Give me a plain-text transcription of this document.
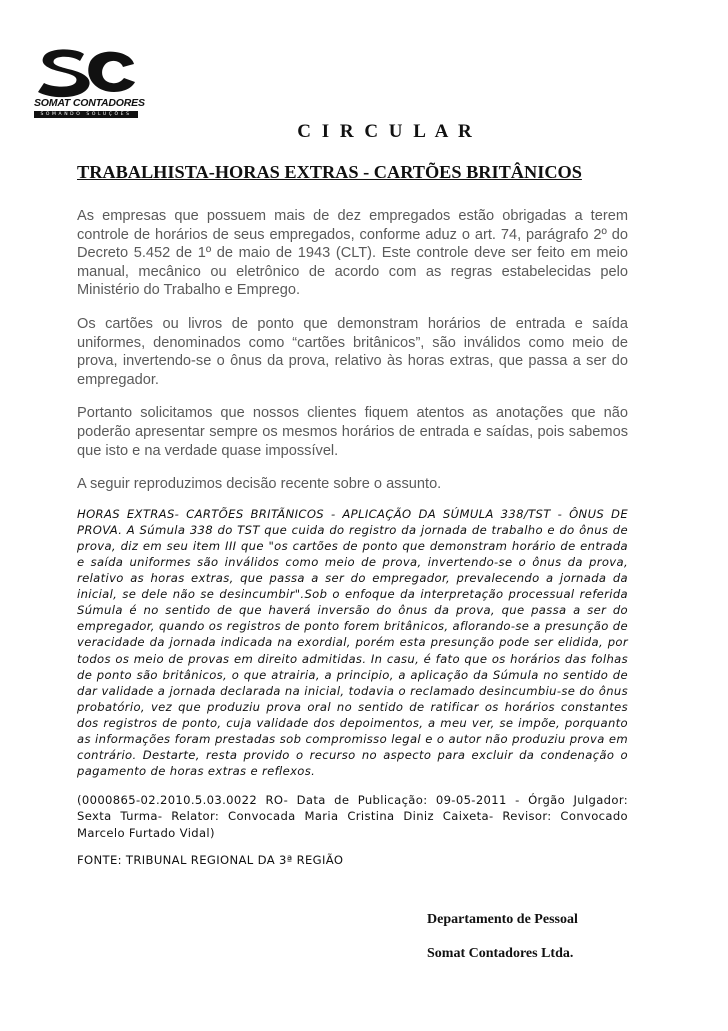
SOMAT CONTADORES
SOMANDO SOLUÇÕES
C I R C U L A R
TRABALHISTA-HORAS EXTRAS - CARTÕES BRITÂNICOS

As empresas que possuem mais de dez empregados estão obrigadas a terem controle de horários de seus empregados, conforme aduz o art. 74, parágrafo 2º do Decreto 5.452 de 1º de maio de 1943 (CLT). Este controle deve ser feito em meio manual, mecânico ou eletrônico de acordo com as regras estabelecidas pelo Ministério do Trabalho e Emprego.

Os cartões ou livros de ponto que demonstram horários de entrada e saída uniformes, denominados como “cartões britânicos”, são inválidos como meio de prova, invertendo-se o ônus da prova, relativo às horas extras, que passa a ser do empregador.

Portanto solicitamos que nossos clientes fiquem atentos as anotações que não poderão apresentar sempre os mesmos horários de entrada e saídas, pois sabemos que isto e na verdade quase impossível.

A seguir reproduzimos decisão recente sobre o assunto.

HORAS EXTRAS- CARTÕES BRITÃNICOS - APLICAÇÃO DA SÚMULA 338/TST - ÔNUS DE PROVA. A Súmula 338 do TST que cuida do registro da jornada de trabalho e do ônus de prova, diz em seu item III que "os cartões de ponto que demonstram horário de entrada e saída uniformes são inválidos como meio de prova, invertendo-se o ônus da prova, relativo as horas extras, que passa a ser do empregador, prevalecendo a jornada da inicial, se dele não se desincumbir".Sob o enfoque da interpretação processual referida Súmula é no sentido de que haverá inversão do ônus da prova, que passa a ser do empregador, quando os registros de ponto forem britânicos, aflorando-se a presunção de veracidade da jornada indicada na exordial, porém esta presunção pode ser elidida, por todos os meio de provas em direito admitidas. In casu, é fato que os horários das folhas de ponto são britânicos, o que atrairia, a principio, a aplicação da Súmula no sentido de dar validade a jornada declarada na inicial, todavia o reclamado desincumbiu-se do ônus probatório, vez que produziu prova oral no sentido de ratificar os horários constantes dos registros de ponto, cuja validade dos depoimentos, a meu ver, se impõe, porquanto as informações foram prestadas sob compromisso legal e o autor não produziu prova em contrário. Destarte, resta provido o recurso no aspecto para excluir da condenação o pagamento de horas extras e reflexos.

(0000865-02.2010.5.03.0022 RO- Data de Publicação: 09-05-2011 - Órgão Julgador: Sexta Turma- Relator: Convocada Maria Cristina Diniz Caixeta- Revisor: Convocado Marcelo Furtado Vidal)

FONTE: TRIBUNAL REGIONAL DA 3ª REGIÃO

Departamento de Pessoal
Somat Contadores Ltda.
